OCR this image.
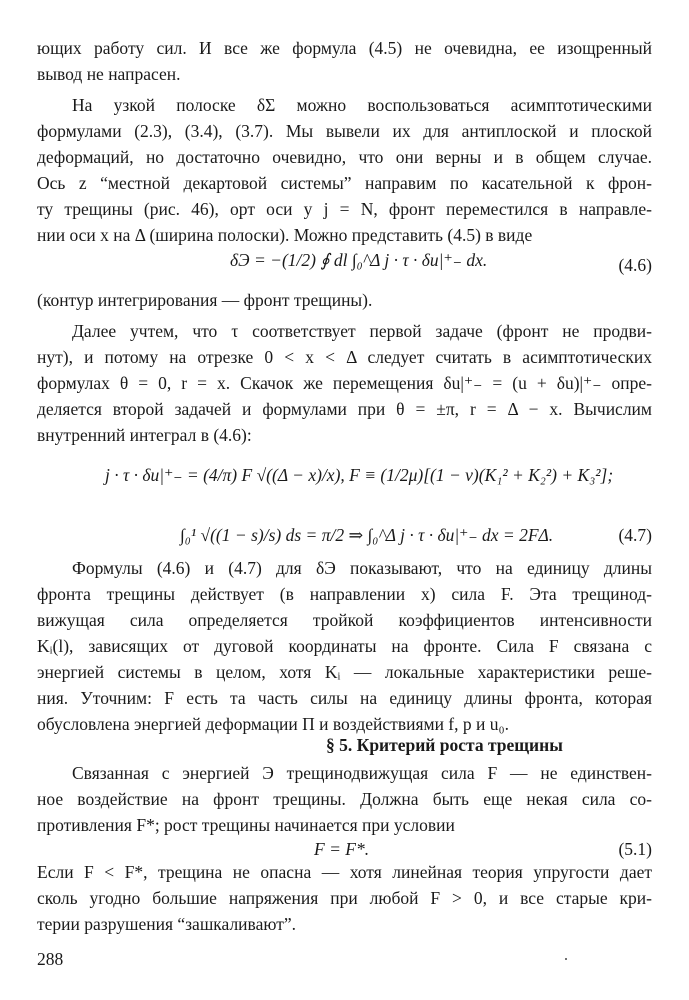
ющих работу сил. И все же формула (4.5) не очевидна, ее изощренный
вывод не напрасен.
На узкой полоске δΣ можно воспользоваться асимптотическими
формулами (2.3), (3.4), (3.7). Мы вывели их для антиплоской и плоской
деформаций, но достаточно очевидно, что они верны и в общем случае.
Ось z “местной декартовой системы” направим по касательной к фрон-
ту трещины (рис. 46), орт оси y j = N, фронт переместился в направле-
нии оси x на Δ (ширина полоски). Можно представить (4.5) в виде
δЭ = −(1/2) ∮ dl ∫₀^Δ j · τ · δu|⁺₋ dx.	(4.6)
(контур интегрирования — фронт трещины).
Далее учтем, что τ соответствует первой задаче (фронт не продви-
нут), и потому на отрезке 0 < x < Δ следует считать в асимптотических
формулах θ = 0, r = x. Скачок же перемещения δu|⁺₋ = (u + δu)|⁺₋ опре-
деляется второй задачей и формулами при θ = ±π, r = Δ − x. Вычислим
внутренний интеграл в (4.6):
j · τ · δu|⁺₋ = (4/π) F √((Δ − x)/x), F ≡ (1/2μ)[(1 − ν)(K₁² + K₂²) + K₃²];
∫₀¹ √((1 − s)/s) ds = π/2 ⇒ ∫₀^Δ j · τ · δu|⁺₋ dx = 2FΔ.	(4.7)
Формулы (4.6) и (4.7) для δЭ показывают, что на единицу длины
фронта трещины действует (в направлении x) сила F. Эта трещинод-
вижущая сила определяется тройкой коэффициентов интенсивности
Kᵢ(l), зависящих от дуговой координаты на фронте. Сила F связана с
энергией системы в целом, хотя Kᵢ — локальные характеристики реше-
ния. Уточним: F есть та часть силы на единицу длины фронта, которая
обусловлена энергией деформации П и воздействиями f, p и u₀.
§ 5. Критерий роста трещины
Связанная с энергией Э трещинодвижущая сила F — не единствен-
ное воздействие на фронт трещины. Должна быть еще некая сила со-
противления F*; рост трещины начинается при условии
F = F*.	(5.1)
Если F < F*, трещина не опасна — хотя линейная теория упругости дает
сколь угодно большие напряжения при любой F > 0, и все старые кри-
терии разрушения “зашкаливают”.
288
